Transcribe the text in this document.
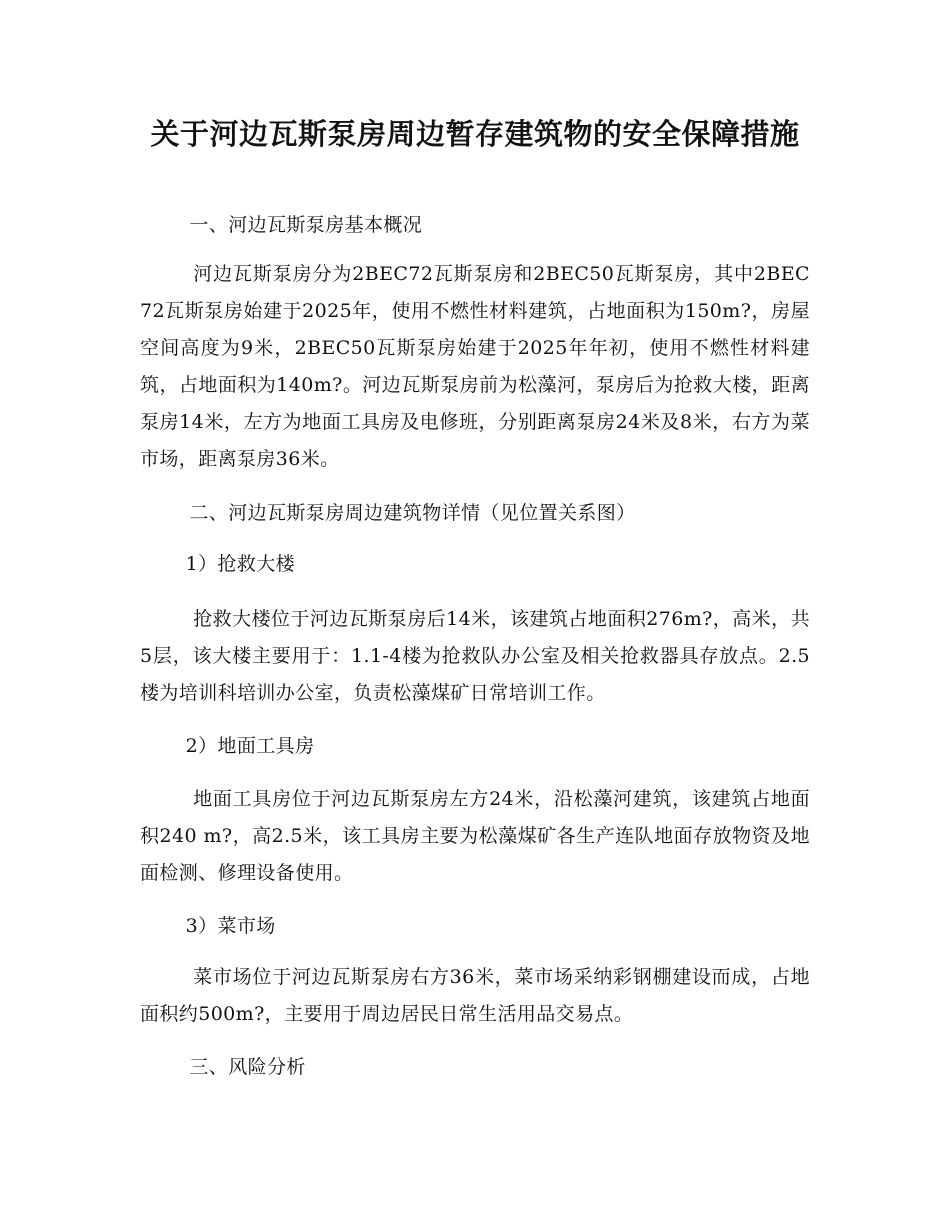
关于河边瓦斯泵房周边暂存建筑物的安全保障措施

一、河边瓦斯泵房基本概况

河边瓦斯泵房分为2BEC72瓦斯泵房和2BEC50瓦斯泵房，其中2BEC72瓦斯泵房始建于2025年，使用不燃性材料建筑，占地面积为150m?，房屋空间高度为9米，2BEC50瓦斯泵房始建于2025年年初，使用不燃性材料建筑，占地面积为140m?。河边瓦斯泵房前为松藻河，泵房后为抢救大楼，距离泵房14米，左方为地面工具房及电修班，分别距离泵房24米及8米，右方为菜市场，距离泵房36米。

二、河边瓦斯泵房周边建筑物详情（见位置关系图）

1）抢救大楼

抢救大楼位于河边瓦斯泵房后14米，该建筑占地面积276m?，高米，共5层，该大楼主要用于：1.1-4楼为抢救队办公室及相关抢救器具存放点。2.5楼为培训科培训办公室，负责松藻煤矿日常培训工作。

2）地面工具房

地面工具房位于河边瓦斯泵房左方24米，沿松藻河建筑，该建筑占地面积240 m?，高2.5米，该工具房主要为松藻煤矿各生产连队地面存放物资及地面检测、修理设备使用。

3）菜市场

菜市场位于河边瓦斯泵房右方36米，菜市场采纳彩钢棚建设而成，占地面积约500m?，主要用于周边居民日常生活用品交易点。

三、风险分析
